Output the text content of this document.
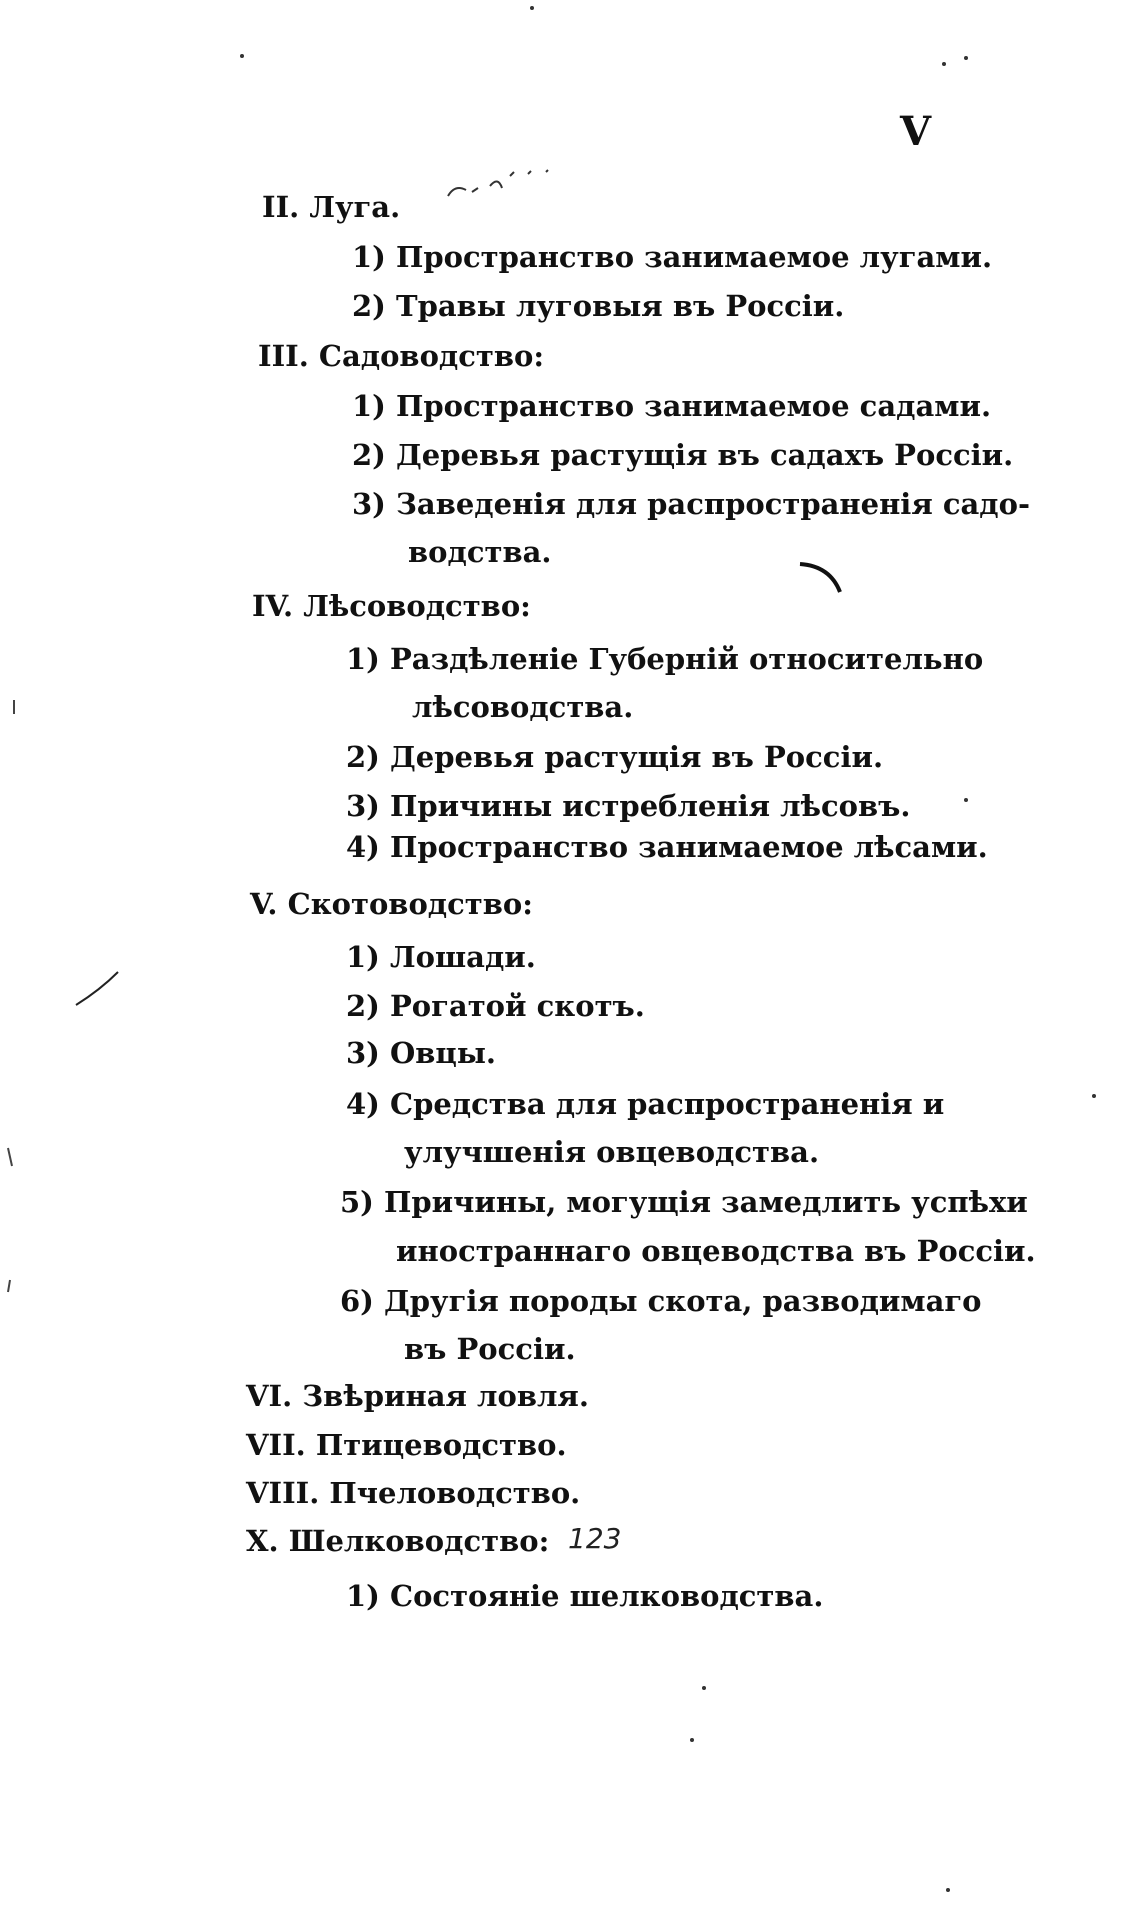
V
II. Луга.
1) Пространство занимаемое лугами.
2) Травы луговыя въ Россіи.
III. Садоводство:
1) Пространство занимаемое садами.
2) Деревья растущія въ садахъ Россіи.
3) Заведенія для распространенія садо-
водства.
IV. Лѣсоводство:
1) Раздѣленіе Губерній относительно
лѣсоводства.
2) Деревья растущія въ Россіи.
3) Причины истребленія лѣсовъ.
4) Пространство занимаемое лѣсами.
V. Скотоводство:
1) Лошади.
2) Рогатой скотъ.
3) Овцы.
4) Средства для распространенія и
улучшенія овцеводства.
5) Причины, могущія замедлить успѣхи
иностраннаго овцеводства въ Россіи.
6) Другія породы скота, разводимаго
въ Россіи.
VI. Звѣриная ловля.
VII. Птицеводство.
VIII. Пчеловодство.
X. Шелководство: 123
1) Состояніе шелководства.
